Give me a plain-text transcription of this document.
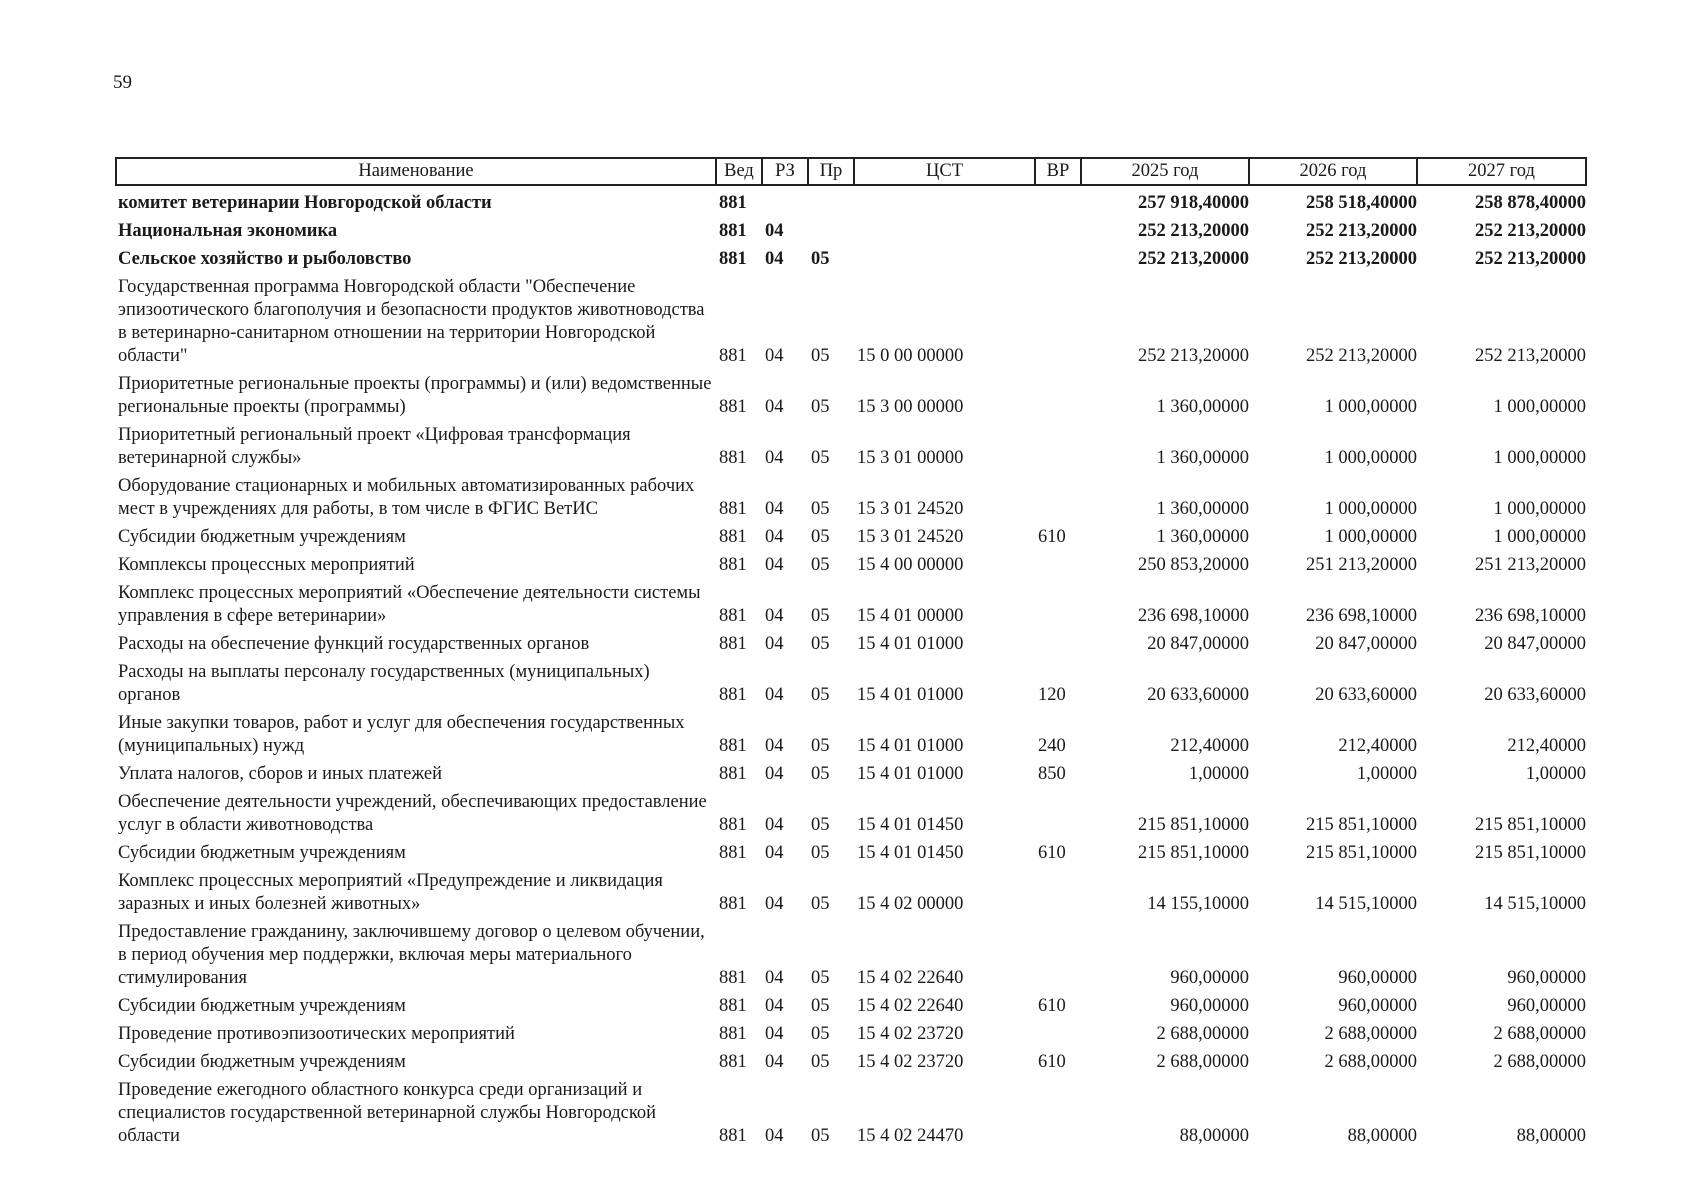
59
Наименование	Вед	РЗ	Пр	ЦСТ	ВР	2025 год	2026 год	2027 год
комитет ветеринарии Новгородской области	881					257 918,40000	258 518,40000	258 878,40000
Национальная экономика	881	04				252 213,20000	252 213,20000	252 213,20000
Сельское хозяйство и рыболовство	881	04	05			252 213,20000	252 213,20000	252 213,20000
Государственная программа Новгородской области "Обеспечение эпизоотического благополучия и безопасности продуктов животноводства в ветеринарно-санитарном отношении на территории Новгородской области"	881	04	05	15 0 00 00000		252 213,20000	252 213,20000	252 213,20000
Приоритетные региональные проекты (программы) и (или) ведомственные региональные проекты (программы)	881	04	05	15 3 00 00000		1 360,00000	1 000,00000	1 000,00000
Приоритетный региональный проект «Цифровая трансформация ветеринарной службы»	881	04	05	15 3 01 00000		1 360,00000	1 000,00000	1 000,00000
Оборудование стационарных и мобильных автоматизированных рабочих мест в учреждениях для работы, в том числе в ФГИС ВетИС	881	04	05	15 3 01 24520		1 360,00000	1 000,00000	1 000,00000
Субсидии бюджетным учреждениям	881	04	05	15 3 01 24520	610	1 360,00000	1 000,00000	1 000,00000
Комплексы процессных мероприятий	881	04	05	15 4 00 00000		250 853,20000	251 213,20000	251 213,20000
Комплекс процессных мероприятий «Обеспечение деятельности системы управления в сфере ветеринарии»	881	04	05	15 4 01 00000		236 698,10000	236 698,10000	236 698,10000
Расходы на обеспечение функций государственных органов	881	04	05	15 4 01 01000		20 847,00000	20 847,00000	20 847,00000
Расходы на выплаты персоналу государственных (муниципальных) органов	881	04	05	15 4 01 01000	120	20 633,60000	20 633,60000	20 633,60000
Иные закупки товаров, работ и услуг для обеспечения государственных (муниципальных) нужд	881	04	05	15 4 01 01000	240	212,40000	212,40000	212,40000
Уплата налогов, сборов и иных платежей	881	04	05	15 4 01 01000	850	1,00000	1,00000	1,00000
Обеспечение деятельности учреждений, обеспечивающих предоставление услуг в области животноводства	881	04	05	15 4 01 01450		215 851,10000	215 851,10000	215 851,10000
Субсидии бюджетным учреждениям	881	04	05	15 4 01 01450	610	215 851,10000	215 851,10000	215 851,10000
Комплекс процессных мероприятий «Предупреждение и ликвидация заразных и иных болезней животных»	881	04	05	15 4 02 00000		14 155,10000	14 515,10000	14 515,10000
Предоставление гражданину, заключившему договор о целевом обучении, в период обучения мер поддержки, включая меры материального стимулирования	881	04	05	15 4 02 22640		960,00000	960,00000	960,00000
Субсидии бюджетным учреждениям	881	04	05	15 4 02 22640	610	960,00000	960,00000	960,00000
Проведение противоэпизоотических мероприятий	881	04	05	15 4 02 23720		2 688,00000	2 688,00000	2 688,00000
Субсидии бюджетным учреждениям	881	04	05	15 4 02 23720	610	2 688,00000	2 688,00000	2 688,00000
Проведение ежегодного областного конкурса среди организаций и специалистов государственной ветеринарной службы Новгородской области	881	04	05	15 4 02 24470		88,00000	88,00000	88,00000
